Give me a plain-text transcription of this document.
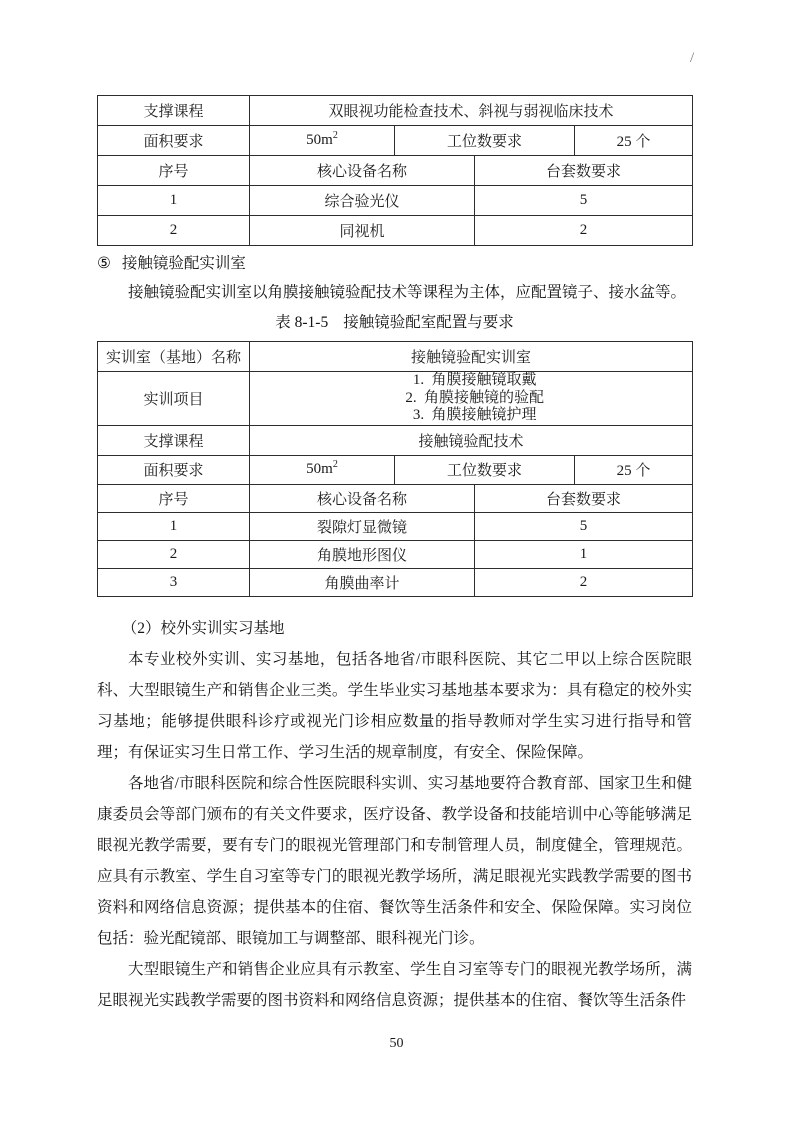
/
支撑课程	双眼视功能检查技术、斜视与弱视临床技术			
面积要求	$50m^2$	工位数要求		25 个
序号	核心设备名称		台套数要求	
1	综合验光仪		5	
2	同视机		2	
⑤ 接触镜验配实训室

接触镜验配实训室以角膜接触镜验配技术等课程为主体，应配置镜子、接水盆等。

表 8-1-5 接触镜验配室配置与要求
实训室（基地）名称	接触镜验配实训室			
实训项目	1. 角膜接触镜取戴
2. 角膜接触镜的验配
3. 角膜接触镜护理			

支撑课程	接触镜验配技术			
面积要求	$50m^2$	工位数要求		25 个
序号	核心设备名称		台套数要求	
1	裂隙灯显微镜		5	
2	角膜地形图仪		1	
3	角膜曲率计		2	
（2）校外实训实习基地

本专业校外实训、实习基地，包括各地省/市眼科医院、其它二甲以上综合医院眼科、大型眼镜生产和销售企业三类。学生毕业实习基地基本要求为：具有稳定的校外实习基地；能够提供眼科诊疗或视光门诊相应数量的指导教师对学生实习进行指导和管理；有保证实习生日常工作、学习生活的规章制度，有安全、保险保障。

各地省/市眼科医院和综合性医院眼科实训、实习基地要符合教育部、国家卫生和健康委员会等部门颁布的有关文件要求，医疗设备、教学设备和技能培训中心等能够满足眼视光教学需要，要有专门的眼视光管理部门和专制管理人员，制度健全，管理规范。应具有示教室、学生自习室等专门的眼视光教学场所，满足眼视光实践教学需要的图书资料和网络信息资源；提供基本的住宿、餐饮等生活条件和安全、保险保障。实习岗位包括：验光配镜部、眼镜加工与调整部、眼科视光门诊。

大型眼镜生产和销售企业应具有示教室、学生自习室等专门的眼视光教学场所，满足眼视光实践教学需要的图书资料和网络信息资源；提供基本的住宿、餐饮等生活条件

50
